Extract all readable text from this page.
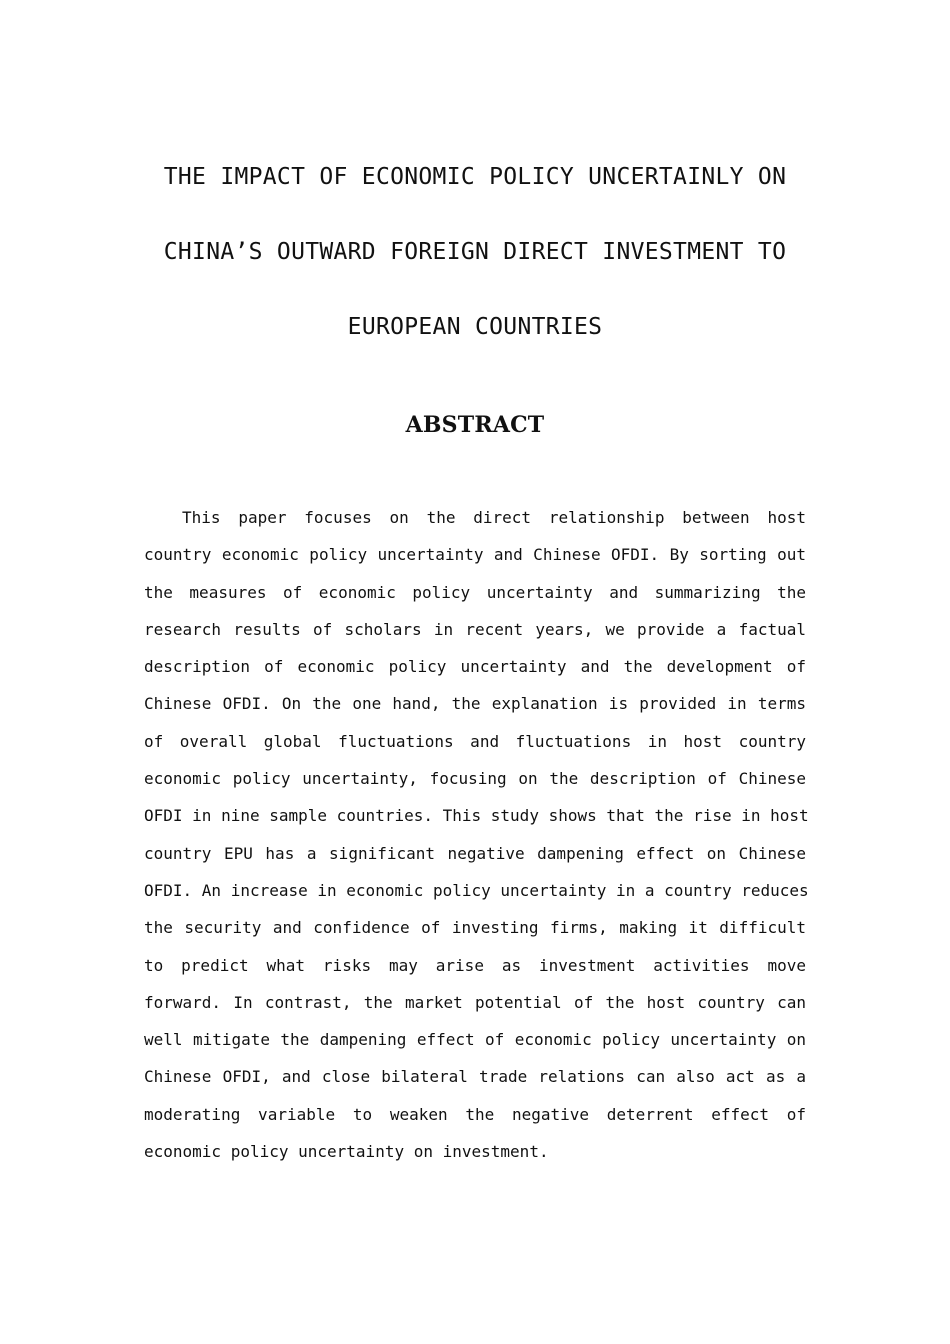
THE IMPACT OF ECONOMIC POLICY UNCERTAINLY ON
CHINA’S OUTWARD FOREIGN DIRECT INVESTMENT TO
EUROPEAN COUNTRIES
ABSTRACT
This paper focuses on the direct relationship between host
country economic policy uncertainty and Chinese OFDI. By sorting out
the measures of economic policy uncertainty and summarizing the
research results of scholars in recent years, we provide a factual
description of economic policy uncertainty and the development of
Chinese OFDI. On the one hand, the explanation is provided in terms
of overall global fluctuations and fluctuations in host country
economic policy uncertainty, focusing on the description of Chinese
OFDI in nine sample countries. This study shows that the rise in host
country EPU has a significant negative dampening effect on Chinese
OFDI. An increase in economic policy uncertainty in a country reduces
the security and confidence of investing firms, making it difficult
to predict what risks may arise as investment activities move
forward. In contrast, the market potential of the host country can
well mitigate the dampening effect of economic policy uncertainty on
Chinese OFDI, and close bilateral trade relations can also act as a
moderating variable to weaken the negative deterrent effect of
economic policy uncertainty on investment.
